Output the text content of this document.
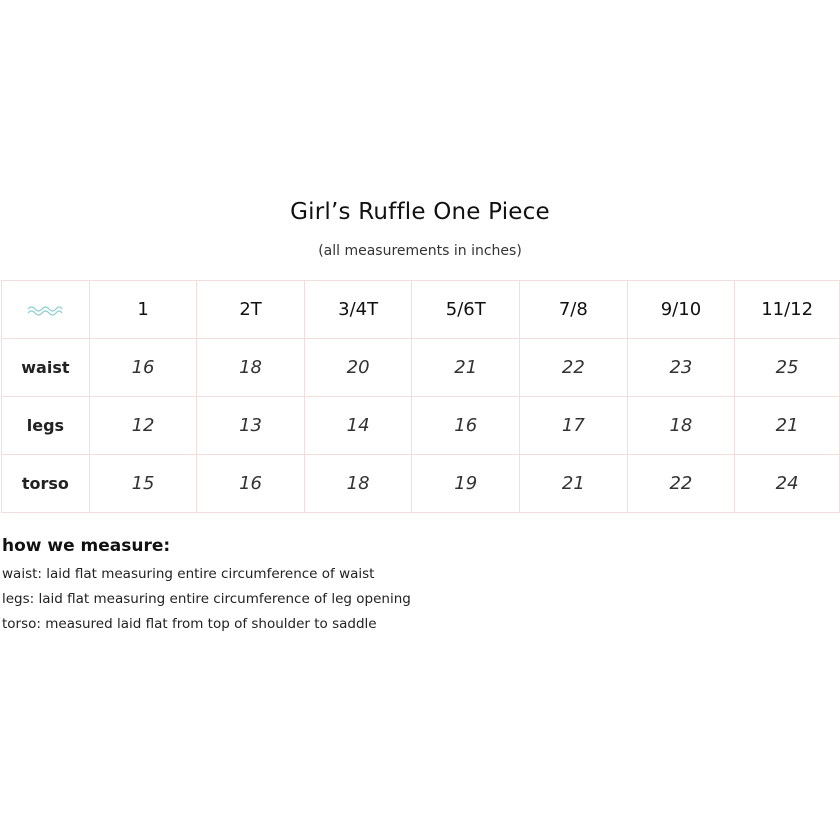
Girl’s Ruffle One Piece
(all measurements in inches)
	1	2T	3/4T	5/6T	7/8	9/10	11/12
waist	16	18	20	21	22	23	25
legs	12	13	14	16	17	18	21
torso	15	16	18	19	21	22	24
how we measure:
waist: laid flat measuring entire circumference of waist
legs: laid flat measuring entire circumference of leg opening
torso: measured laid flat from top of shoulder to saddle
